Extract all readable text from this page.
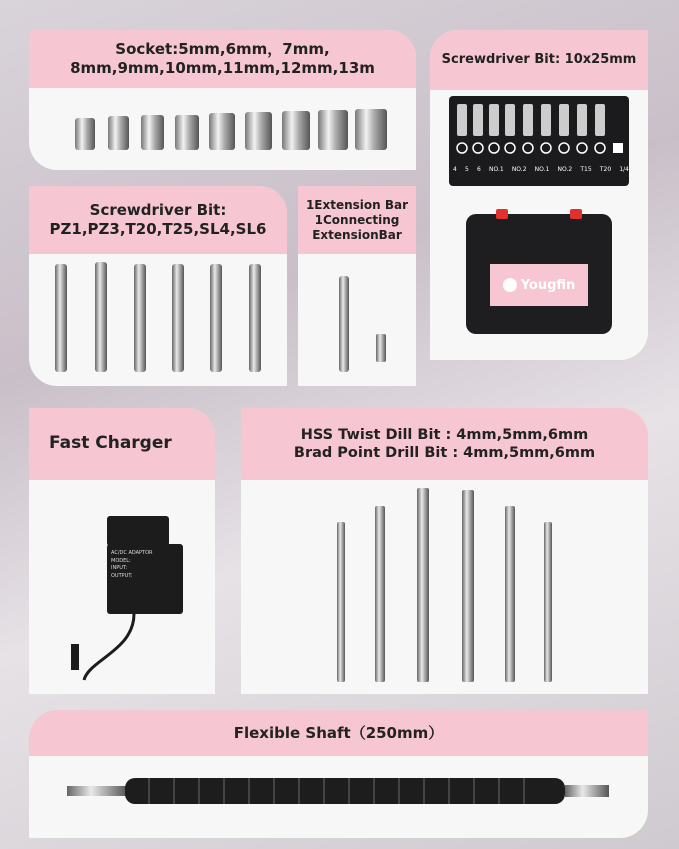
Socket:5mm,6mm，7mm,
8mm,9mm,10mm,11mm,12mm,13m	Screwdriver Bit: 10x25mm
4 5 6 NO.1 NO.2 NO.1 NO.2 T15 T20 1/4
Yougfin
Screwdriver Bit:
PZ1,PZ3,T20,T25,SL4,SL6
1Extension Bar
1Connecting
ExtensionBar
Fast Charger
AC/DC ADAPTOR
MODEL:
INPUT:
OUTPUT:
HSS Twist Dill Bit : 4mm,5mm,6mm
Brad Point Drill Bit : 4mm,5mm,6mm
Flexible Shaft（250mm）
